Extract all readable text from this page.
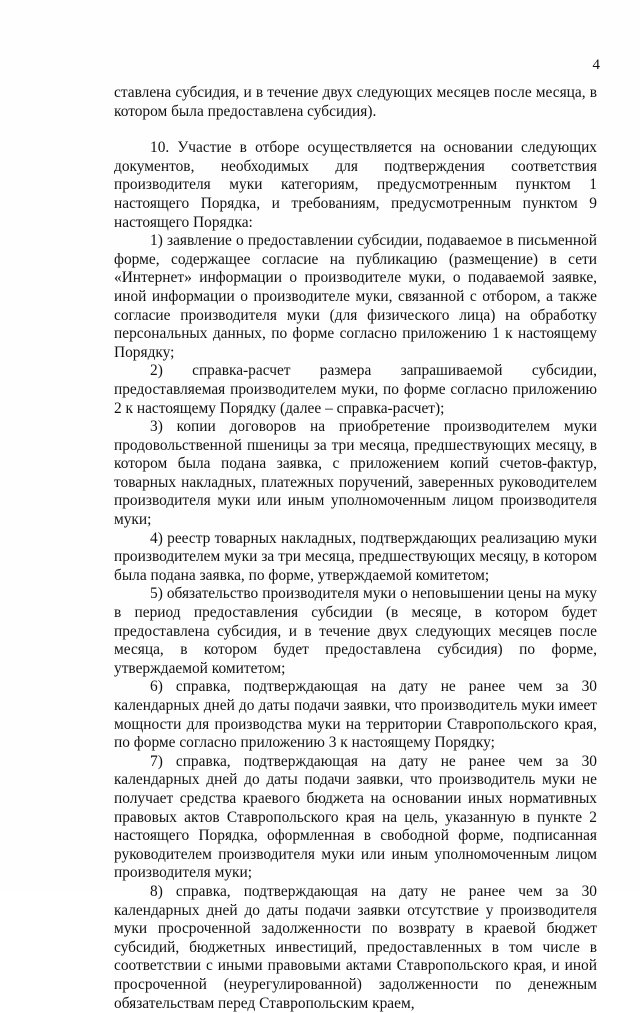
4

ставлена субсидия, и в течение двух следующих месяцев после месяца, в котором была предоставлена субсидия).

10. Участие в отборе осуществляется на основании следующих документов, необходимых для подтверждения соответствия производителя муки категориям, предусмотренным пунктом 1 настоящего Порядка, и требованиям, предусмотренным пунктом 9 настоящего Порядка:

1) заявление о предоставлении субсидии, подаваемое в письменной форме, содержащее согласие на публикацию (размещение) в сети «Интернет» информации о производителе муки, о подаваемой заявке, иной информации о производителе муки, связанной с отбором, а также согласие производителя муки (для физического лица) на обработку персональных данных, по форме согласно приложению 1 к настоящему Порядку;

2) справка-расчет размера запрашиваемой субсидии, предоставляемая производителем муки, по форме согласно приложению 2 к настоящему Порядку (далее – справка-расчет);

3) копии договоров на приобретение производителем муки продовольственной пшеницы за три месяца, предшествующих месяцу, в котором была подана заявка, с приложением копий счетов-фактур, товарных накладных, платежных поручений, заверенных руководителем производителя муки или иным уполномоченным лицом производителя муки;

4) реестр товарных накладных, подтверждающих реализацию муки производителем муки за три месяца, предшествующих месяцу, в котором была подана заявка, по форме, утверждаемой комитетом;

5) обязательство производителя муки о неповышении цены на муку в период предоставления субсидии (в месяце, в котором будет предоставлена субсидия, и в течение двух следующих месяцев после месяца, в котором будет предоставлена субсидия) по форме, утверждаемой комитетом;

6) справка, подтверждающая на дату не ранее чем за 30 календарных дней до даты подачи заявки, что производитель муки имеет мощности для производства муки на территории Ставропольского края, по форме согласно приложению 3 к настоящему Порядку;

7) справка, подтверждающая на дату не ранее чем за 30 календарных дней до даты подачи заявки, что производитель муки не получает средства краевого бюджета на основании иных нормативных правовых актов Ставропольского края на цель, указанную в пункте 2 настоящего Порядка, оформленная в свободной форме, подписанная руководителем производителя муки или иным уполномоченным лицом производителя муки;

8) справка, подтверждающая на дату не ранее чем за 30 календарных дней до даты подачи заявки отсутствие у производителя муки просроченной задолженности по возврату в краевой бюджет субсидий, бюджетных инвестиций, предоставленных в том числе в соответствии с иными правовыми актами Ставропольского края, и иной просроченной (неурегулированной) задолженности по денежным обязательствам перед Ставропольским краем,
